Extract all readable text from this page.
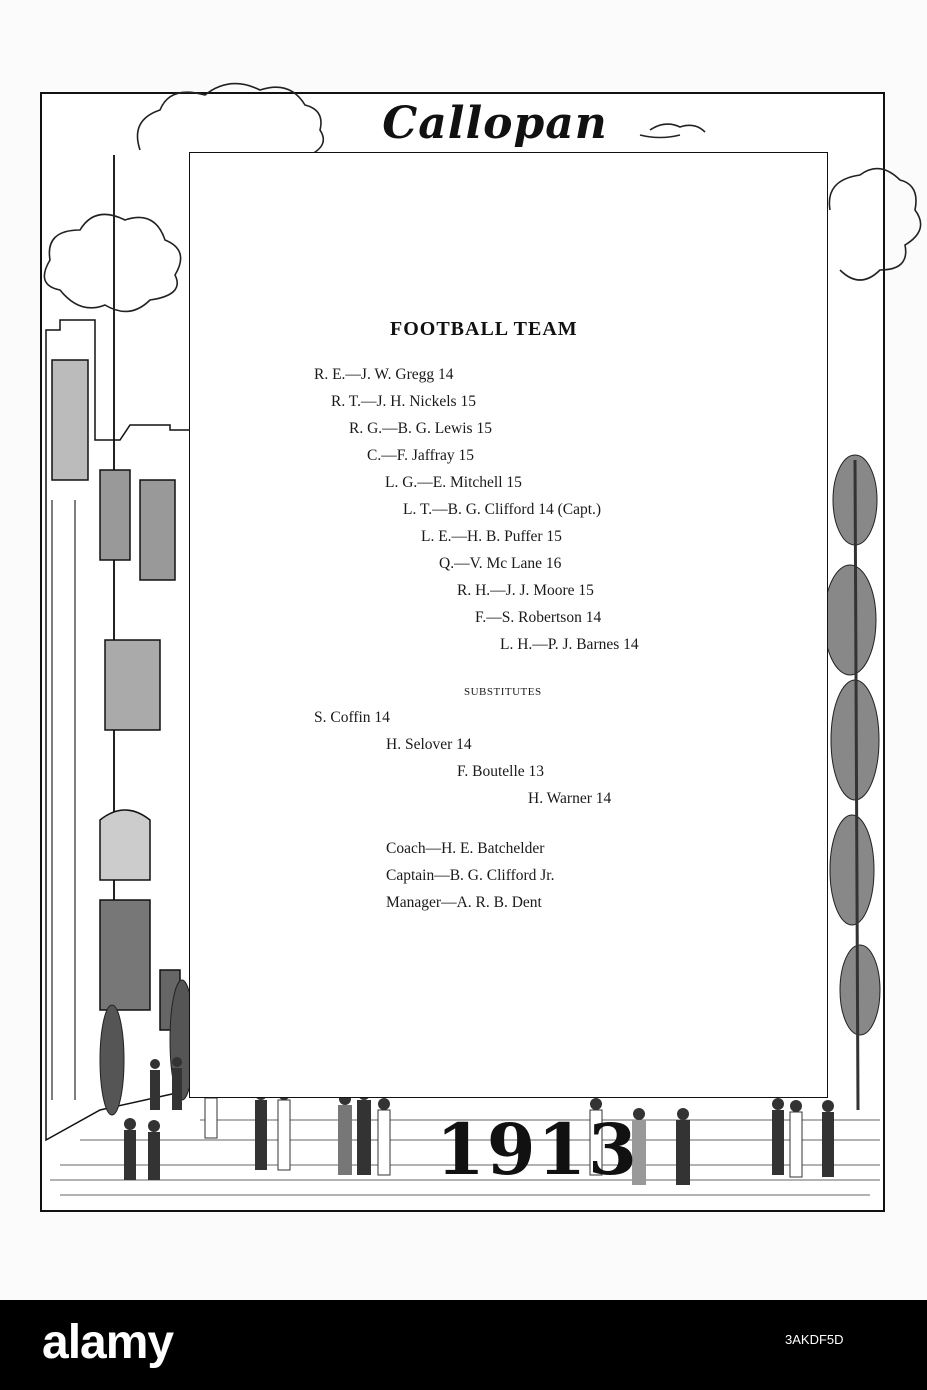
Callopan
FOOTBALL TEAM
R. E.—J. W. Gregg 14
R. T.—J. H. Nickels 15
R. G.—B. G. Lewis 15
C.—F. Jaffray 15
L. G.—E. Mitchell 15
L. T.—B. G. Clifford 14 (Capt.)
L. E.—H. B. Puffer 15
Q.—V. Mc Lane 16
R. H.—J. J. Moore 15
F.—S. Robertson 14
L. H.—P. J. Barnes 14
SUBSTITUTES
S. Coffin 14
H. Selover 14
F. Boutelle 13
H. Warner 14
Coach—H. E. Batchelder
Captain—B. G. Clifford Jr.
Manager—A. R. B. Dent
1913
alamy	3AKDF5D
